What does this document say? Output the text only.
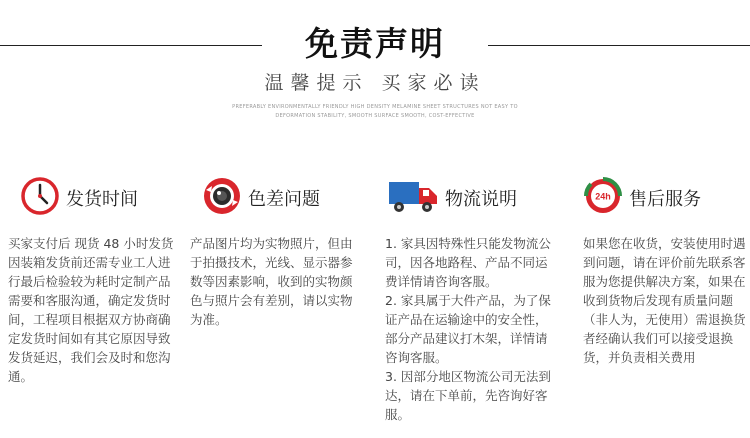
免责声明
温馨提示 买家必读
PREFERABLY ENVIRONMENTALLY FRIENDLY HIGH DENSITY MELAMINE SHEET STRUCTURES NOT EASY TO
DEFORMATION STABILITY, SMOOTH SURFACE SMOOTH, COST-EFFECTIVE
发货时间

买家支付后 现货 48 小时发货 因装箱发货前还需专业工人进行最后检验较为耗时定制产品需要和客服沟通，确定发货时间，工程项目根据双方协商确定发货时间如有其它原因导致发货延迟，我们会及时和您沟通。

色差问题

产品图片均为实物照片，但由于拍摄技术，光线、显示器参数等因素影响，收到的实物颜色与照片会有差别，请以实物为准。

物流说明

1. 家具因特殊性只能发物流公司，因各地路程、产品不同运费详情请咨询客服。

2. 家具属于大件产品，为了保证产品在运输途中的安全性，部分产品建议打木架，详情请咨询客服。

3. 因部分地区物流公司无法到达，请在下单前，先咨询好客服。

24h 售后服务

如果您在收货，安装使用时遇到问题，请在评价前先联系客服为您提供解决方案，如果在收到货物后发现有质量问题（非人为，无使用）需退换货者经确认我们可以接受退换货，并负责相关费用
